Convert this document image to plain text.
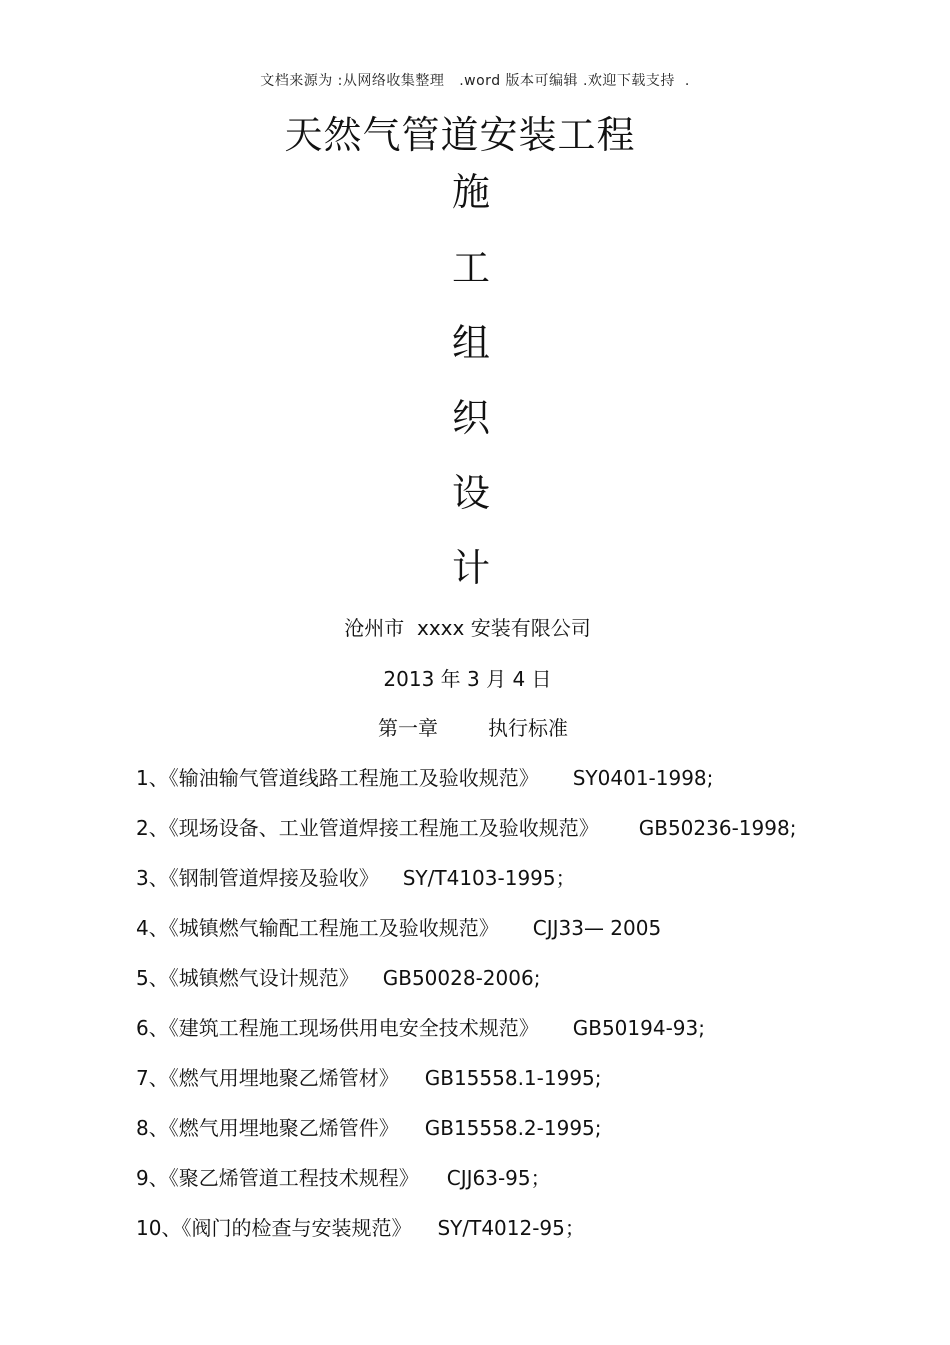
文档来源为 :从网络收集整理   .word 版本可编辑 .欢迎下载支持  .
天然气管道安装工程
施
工
组
织
设
计
沧州市  xxxx 安装有限公司
2013 年 3 月 4 日
第一章	执行标准
1、《输油输气管道线路工程施工及验收规范》 SY0401-1998;
2、《现场设备、工业管道焊接工程施工及验收规范》 GB50236-1998;
3、《钢制管道焊接及验收》 SY/T4103-1995；
4、《城镇燃气输配工程施工及验收规范》 CJJ33— 2005
5、《城镇燃气设计规范》 GB50028-2006;
6、《建筑工程施工现场供用电安全技术规范》 GB50194-93;
7、《燃气用埋地聚乙烯管材》 GB15558.1-1995;
8、《燃气用埋地聚乙烯管件》 GB15558.2-1995;
9、《聚乙烯管道工程技术规程》 CJJ63-95；
10、《阀门的检查与安装规范》 SY/T4012-95；
